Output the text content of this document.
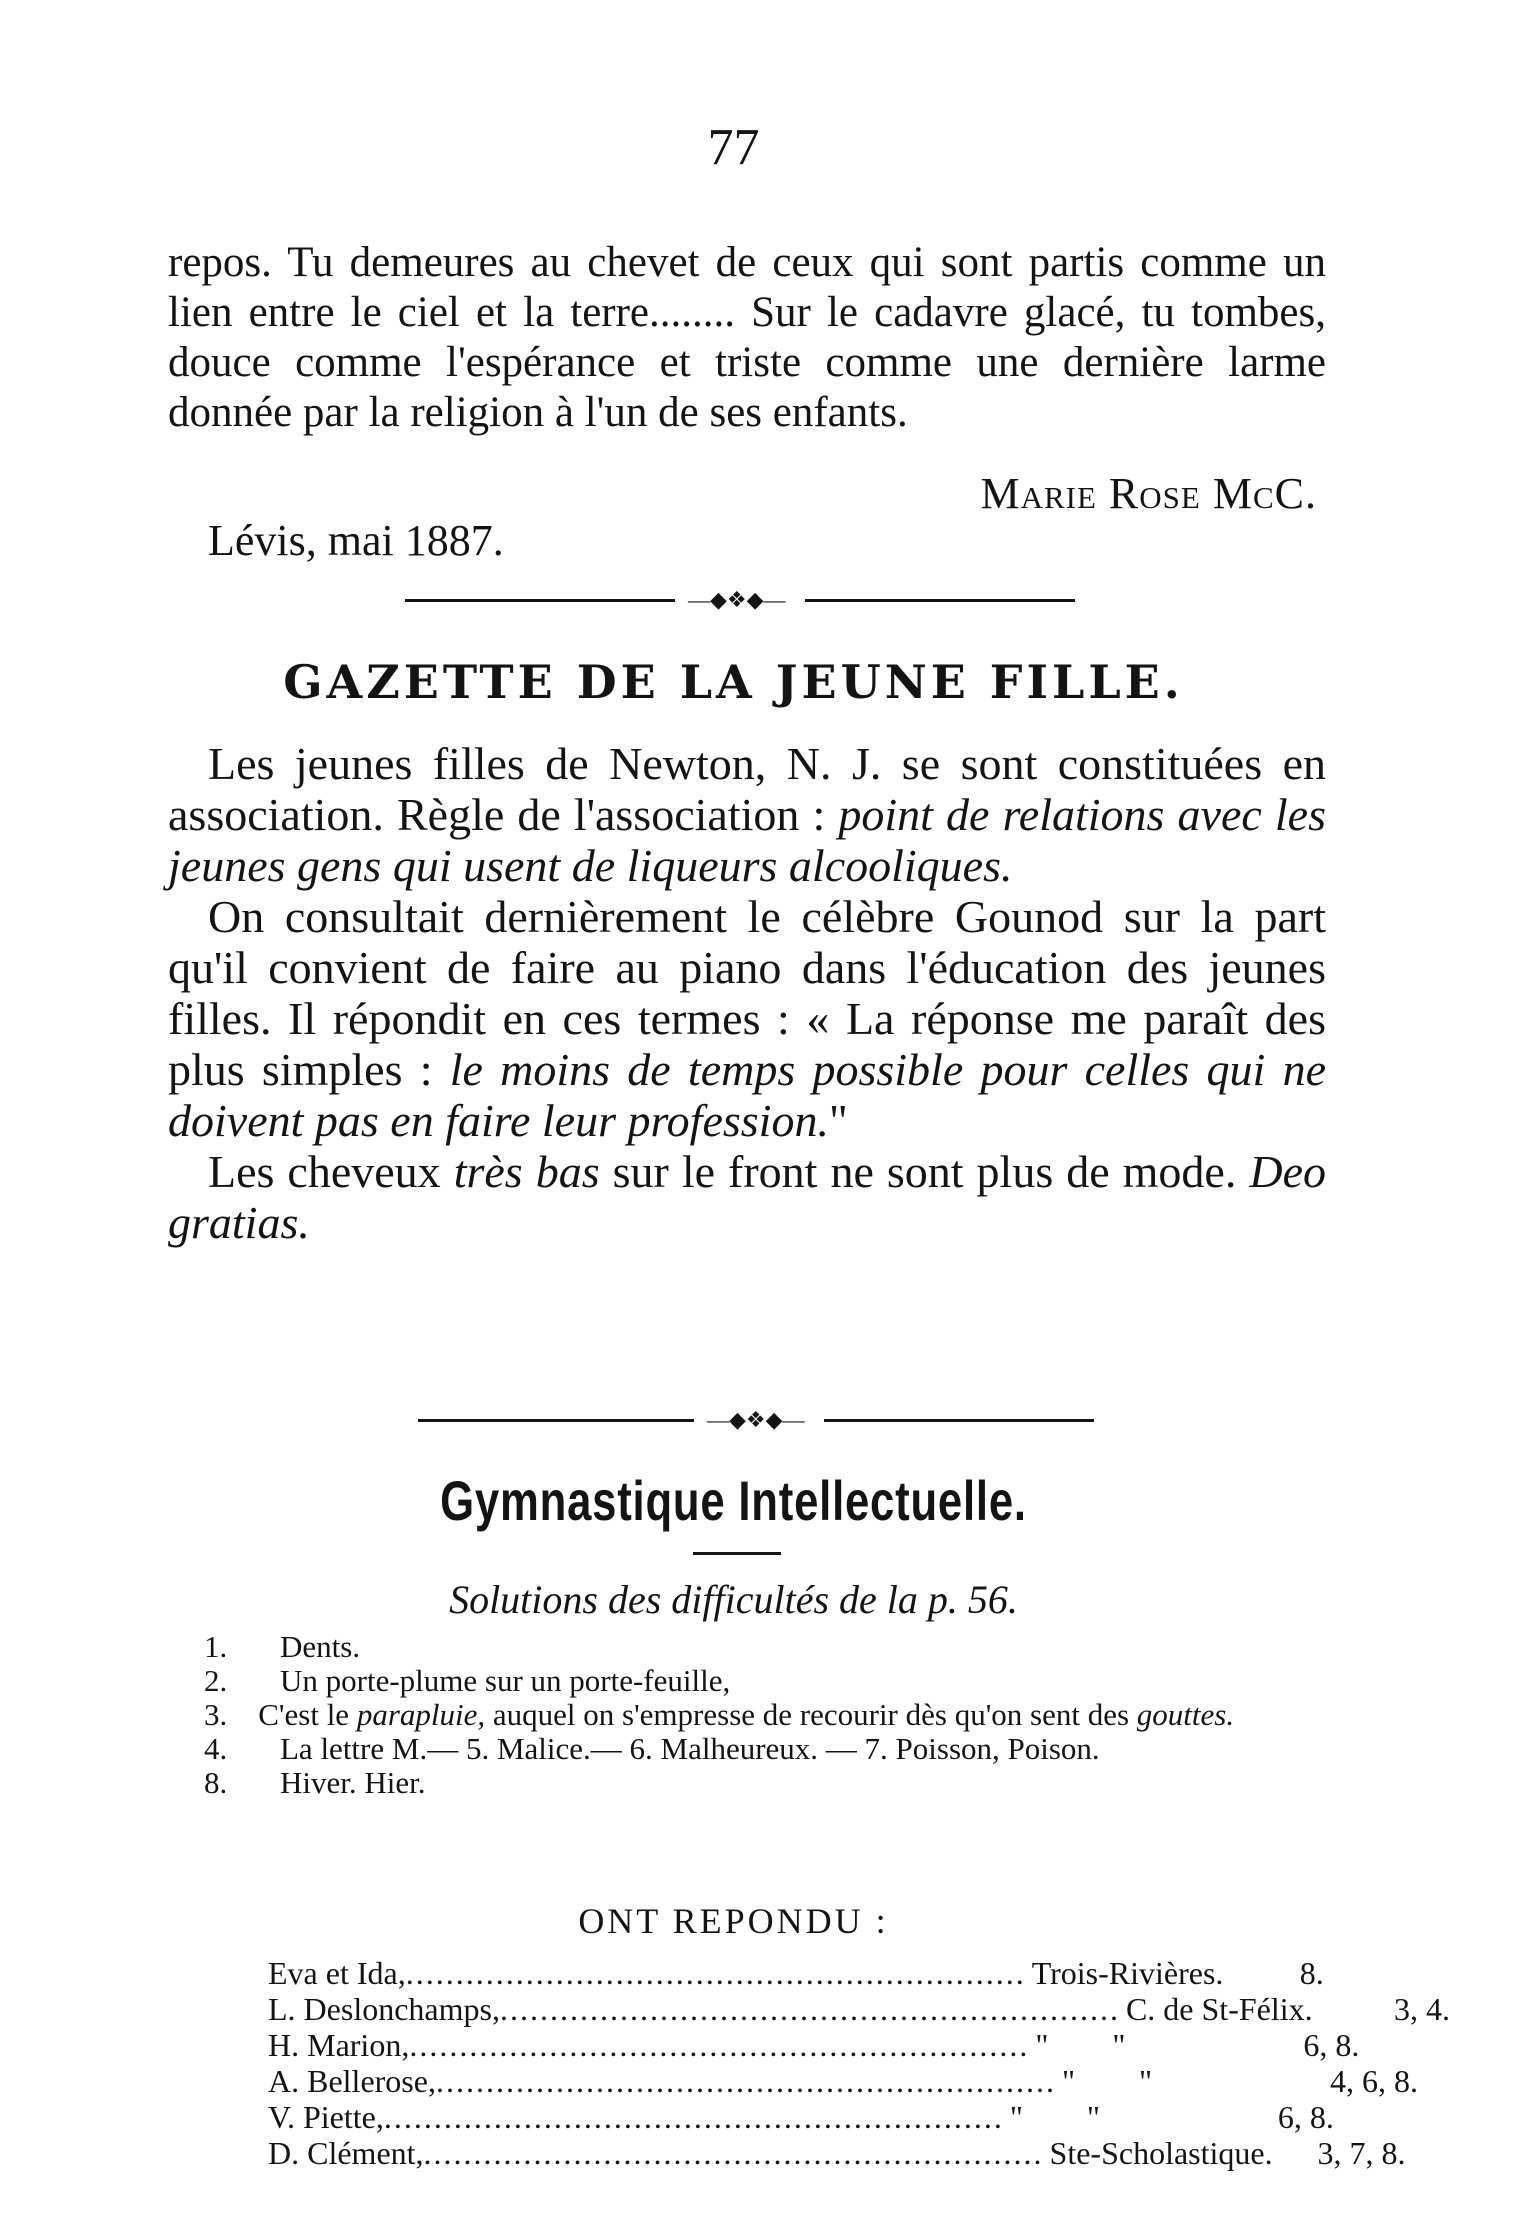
77
repos. Tu demeures au chevet de ceux qui sont partis comme un lien entre le ciel et la terre........ Sur le cadavre glacé, tu tombes, douce comme l'espérance et triste comme une dernière larme donnée par la religion à l'un de ses enfants.
Marie Rose McC.
Lévis, mai 1887.
—◆❖◆—
GAZETTE DE LA JEUNE FILLE.

Les jeunes filles de Newton, N. J. se sont constituées en association. Règle de l'association : point de relations avec les jeunes gens qui usent de liqueurs alcooliques.

On consultait dernièrement le célèbre Gounod sur la part qu'il convient de faire au piano dans l'éducation des jeunes filles. Il répondit en ces termes : « La réponse me paraît des plus simples : le moins de temps possible pour celles qui ne doivent pas en faire leur profession."

Les cheveux très bas sur le front ne sont plus de mode. Deo gratias.

—◆❖◆—
Gymnastique Intellectuelle.
Solutions des difficultés de la p. 56.
1. Dents.
2. Un porte-plume sur un porte-feuille,
3. C'est le parapluie, auquel on s'empresse de recourir dès qu'on sent des gouttes.
4. La lettre M.— 5. Malice.— 6. Malheureux. — 7. Poisson, Poison.
8. Hiver. Hier.
ONT REPONDU :
Eva et Ida, .............................................................. Trois-Rivières.	8.
L. Deslonchamps, .............................................................. C. de St-Félix.	3, 4.
H. Marion, .............................................................. "        "	6, 8.
A. Bellerose, .............................................................. "        "	4, 6, 8.
V. Piette, .............................................................. "        "	6, 8.
D. Clément, .............................................................. Ste-Scholastique.	3, 7, 8.
